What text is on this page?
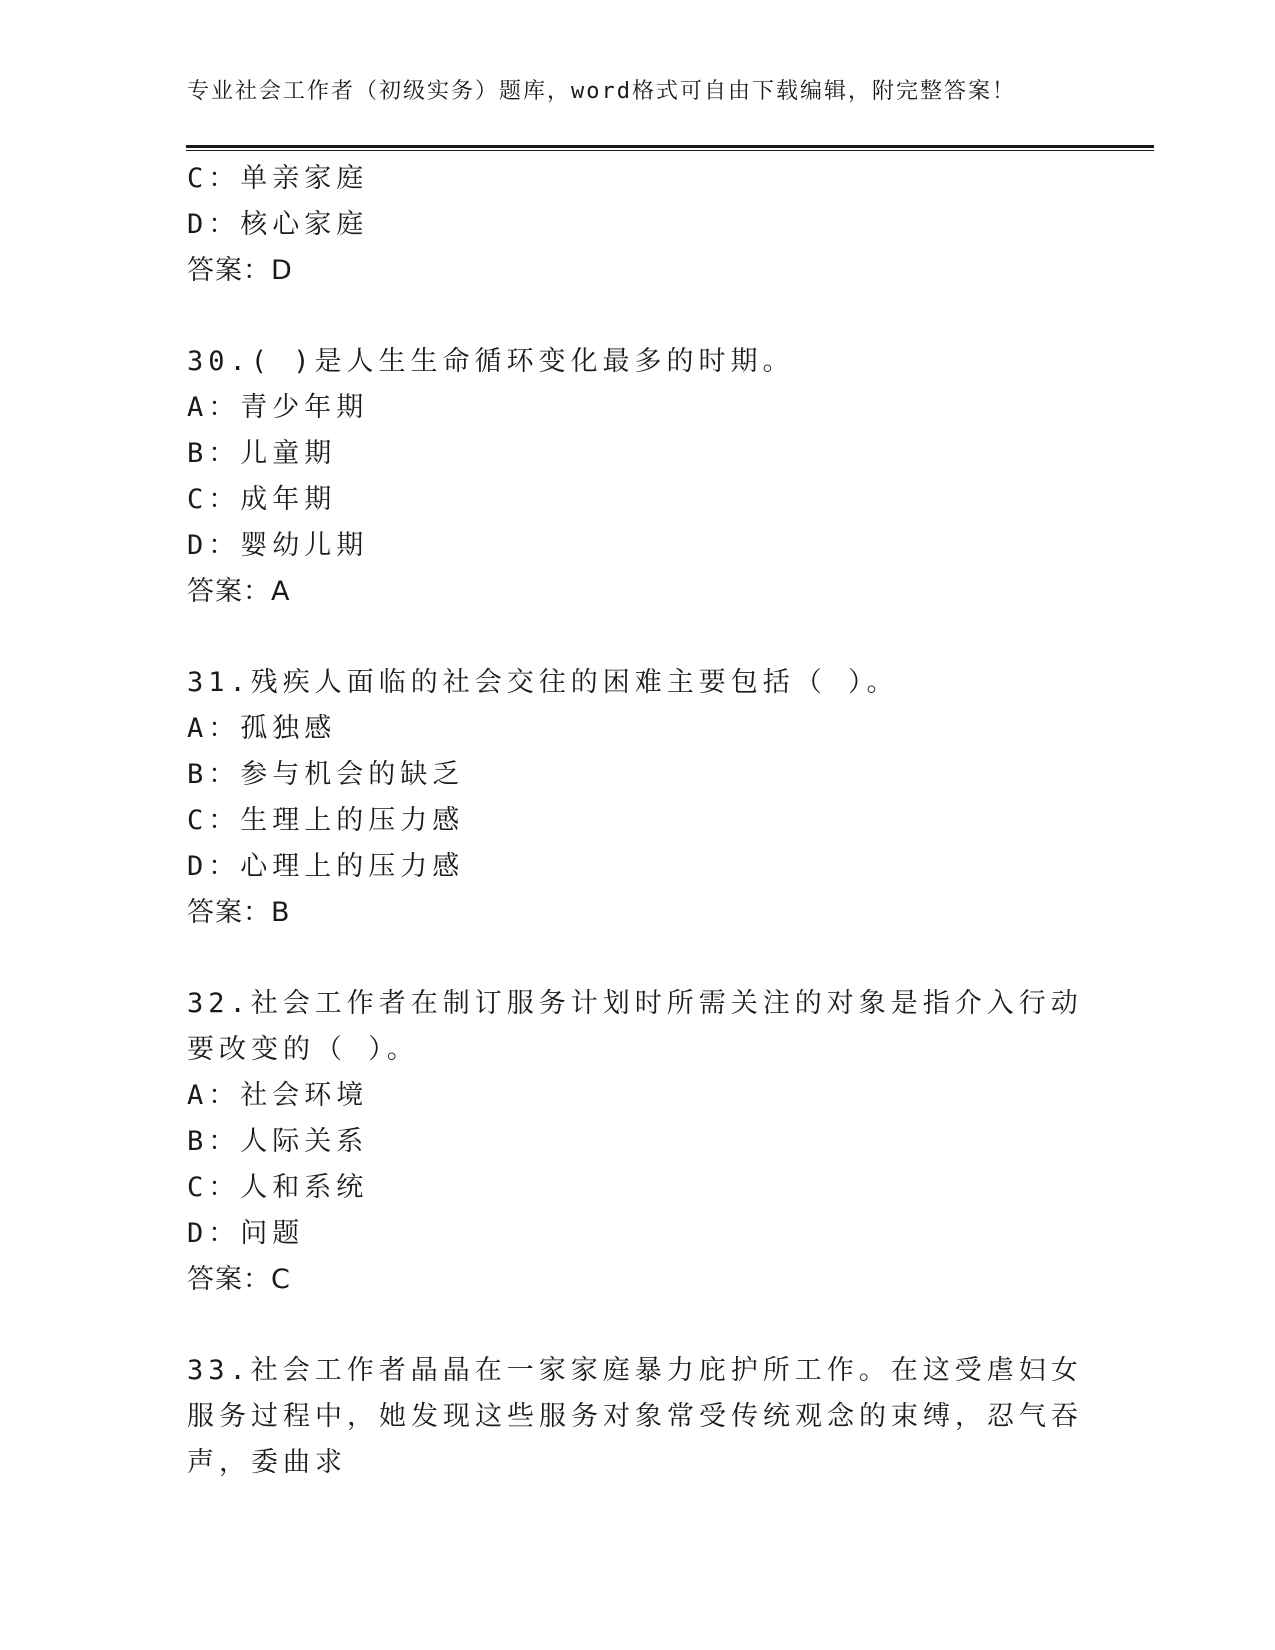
专业社会工作者（初级实务）题库，word格式可自由下载编辑，附完整答案！
C：单亲家庭
D：核心家庭
答案：D
30.( )是人生生命循环变化最多的时期。
A：青少年期
B：儿童期
C：成年期
D：婴幼儿期
答案：A
31.残疾人面临的社会交往的困难主要包括（ ）。
A：孤独感
B：参与机会的缺乏
C：生理上的压力感
D：心理上的压力感
答案：B
32.社会工作者在制订服务计划时所需关注的对象是指介入行动要改变的（ ）。
A：社会环境
B：人际关系
C：人和系统
D：问题
答案：C
33.社会工作者晶晶在一家家庭暴力庇护所工作。在这受虐妇女服务过程中，她发现这些服务对象常受传统观念的束缚，忍气吞声，委曲求
